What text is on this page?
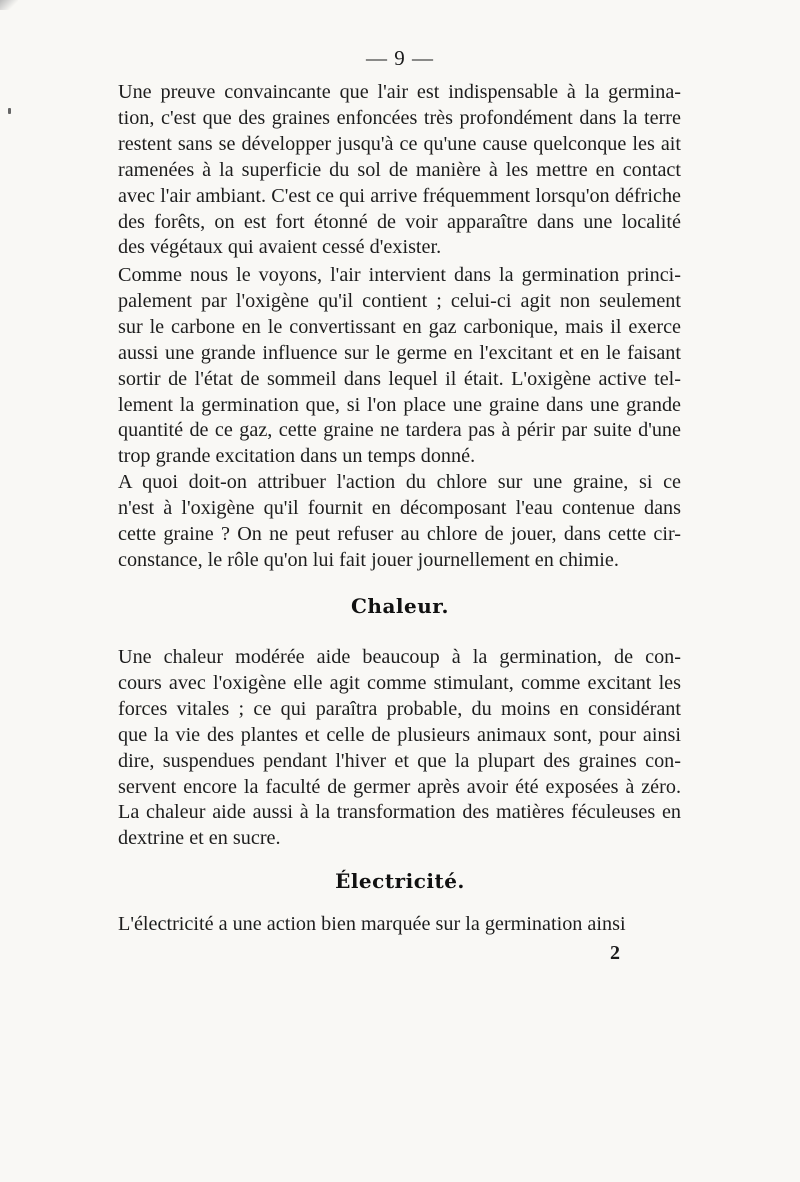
— 9 —

Une preuve convaincante que l'air est indispensable à la germina-
tion, c'est que des graines enfoncées très profondément dans la terre
restent sans se développer jusqu'à ce qu'une cause quelconque les ait
ramenées à la superficie du sol de manière à les mettre en contact
avec l'air ambiant. C'est ce qui arrive fréquemment lorsqu'on défriche
des forêts, on est fort étonné de voir apparaître dans une localité
des végétaux qui avaient cessé d'exister.

Comme nous le voyons, l'air intervient dans la germination princi-
palement par l'oxigène qu'il contient ; celui-ci agit non seulement
sur le carbone en le convertissant en gaz carbonique, mais il exerce
aussi une grande influence sur le germe en l'excitant et en le faisant
sortir de l'état de sommeil dans lequel il était. L'oxigène active tel-
lement la germination que, si l'on place une graine dans une grande
quantité de ce gaz, cette graine ne tardera pas à périr par suite d'une
trop grande excitation dans un temps donné.

A quoi doit-on attribuer l'action du chlore sur une graine, si ce
n'est à l'oxigène qu'il fournit en décomposant l'eau contenue dans
cette graine ? On ne peut refuser au chlore de jouer, dans cette cir-
constance, le rôle qu'on lui fait jouer journellement en chimie.

Chaleur.

Une chaleur modérée aide beaucoup à la germination, de con-
cours avec l'oxigène elle agit comme stimulant, comme excitant les
forces vitales ; ce qui paraîtra probable, du moins en considérant
que la vie des plantes et celle de plusieurs animaux sont, pour ainsi
dire, suspendues pendant l'hiver et que la plupart des graines con-
servent encore la faculté de germer après avoir été exposées à zéro.
La chaleur aide aussi à la transformation des matières féculeuses en
dextrine et en sucre.

Électricité.

L'électricité a une action bien marquée sur la germination ainsi

2
